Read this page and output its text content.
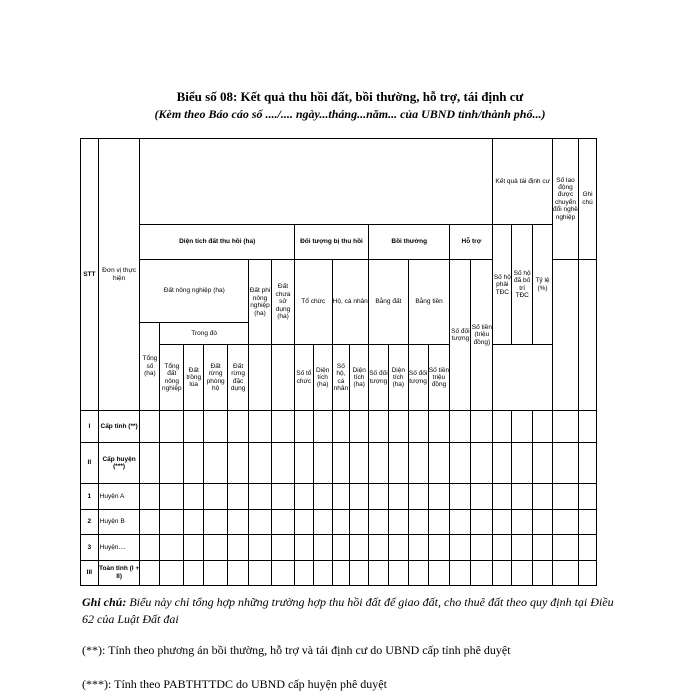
Biểu số 08: Kết quả thu hồi đất, bồi thường, hỗ trợ, tái định cư
(Kèm theo Báo cáo số ..../.... ngày...tháng...năm... của UBND tỉnh/thành phố...)
STT	Đơn vị thực hiện																		Kết quả tái định cư			Số lao động được chuyển đổi nghề nghiệp	Ghi chú
		Diện tích đất thu hồi (ha)							Đối tượng bị thu hồi				Bồi thường				Hỗ trợ		Số hộ phải TĐC	Số hộ đã bố trí TĐC	Tỷ lệ (%)		
		Đất nông nghiệp (ha)					Đất phi nông nghiệp (ha)	Đất chưa sử dụng (ha)	Tổ chức		Hộ, cá nhân		Bằng đất		Bằng tiền		Số đối tượng	Số tiền (triệu đồng)					
		Tổng số (ha)	Trong đó																				
			Tổng đất nông nghiệp	Đất trồng lúa	Đất rừng phòng hộ	Đất rừng đặc dụng			Số tổ chức	Diện tích (ha)	Số hộ, cá nhân	Diện tích (ha)	Số đối tượng	Diện tích (ha)	Số đối tượng	Số tiền triệu đồng							
I	Cấp tỉnh (**)																						
II	Cấp huyện (***)																						
1	Huyện A																						
2	Huyện B																						
3	Huyện....																						
III	Toàn tỉnh (I + II)																						
Ghi chú: Biểu này chỉ tổng hợp những trường hợp thu hồi đất để giao đất, cho thuê đất theo quy định tại Điều 62 của Luật Đất đai
(**): Tính theo phương án bồi thường, hỗ trợ và tái định cư do UBND cấp tỉnh phê duyệt
(***): Tính theo PABTHTTDC do UBND cấp huyện phê duyệt
